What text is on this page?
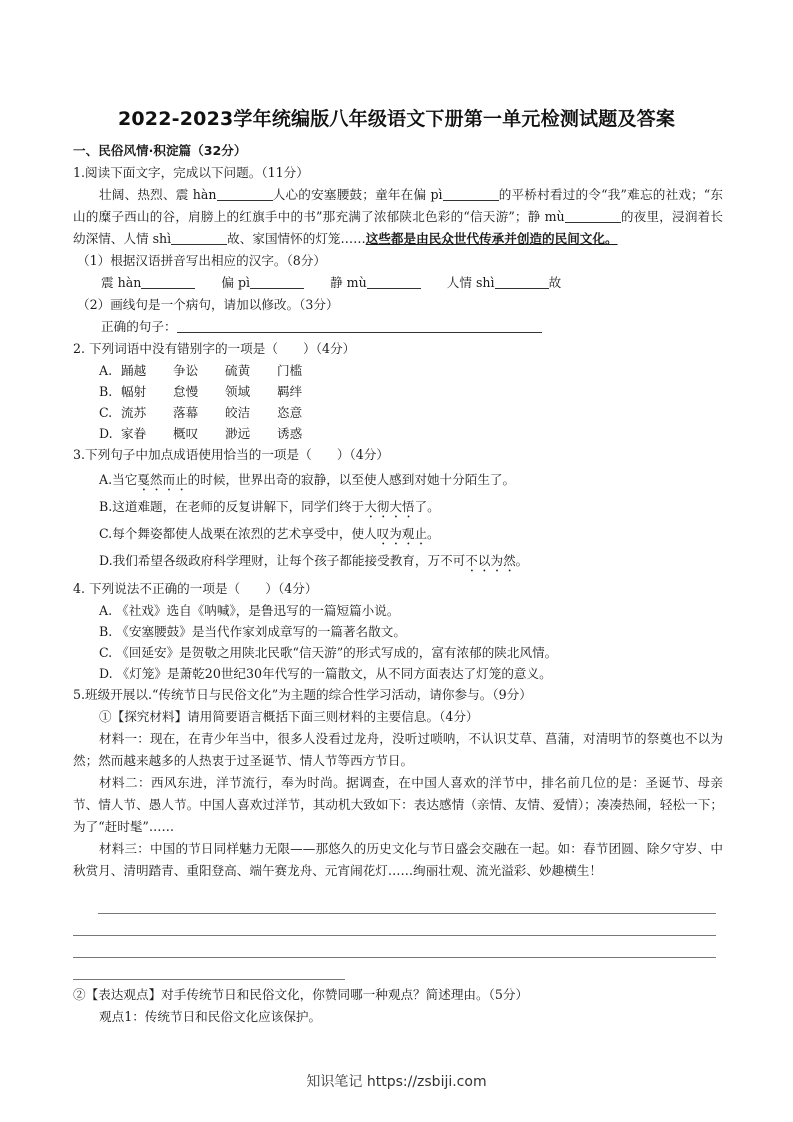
2022-2023学年统编版八年级语文下册第一单元检测试题及答案
一、民俗风情·积淀篇（32分）
1.阅读下面文字，完成以下问题。（11分）
壮阔、热烈、震 hàn	人心的安塞腰鼓；童年在偏 pì	的平桥村看过的令“我”难忘的社戏；“东山的糜子西山的谷，肩膀上的红旗手中的书”那充满了浓郁陕北色彩的“信天游”；静 mù	的夜里，浸润着长幼深情、人情 shì	故、家国情怀的灯笼……这些都是由民众世代传承并创造的民间文化。
（1）根据汉语拼音写出相应的汉字。（8分）
震 hàn	偏 pì	静 mù	人情 shì	故
（2）画线句是一个病句，请加以修改。（3分）
正确的句子：
2. 下列词语中没有错别字的一项是（　　）（4分）
A. 踊越 争讼 硫黄 门槛
B. 幅射 怠慢 领域 羁绊
C. 流苏 落幕 皎洁 恣意
D. 家眷 概叹 渺远 诱惑
3.下列句子中加点成语使用恰当的一项是（　　）（4分）
A.当它戛然而止的时候，世界出奇的寂静，以至使人感到对她十分陌生了。
B.这道难题，在老师的反复讲解下，同学们终于大彻大悟了。
C.每个舞姿都使人战栗在浓烈的艺术享受中，使人叹为观止。
D.我们希望各级政府科学理财，让每个孩子都能接受教育，万不可不以为然。
4. 下列说法不正确的一项是（　　）（4分）
A. 《社戏》选自《呐喊》，是鲁迅写的一篇短篇小说。
B. 《安塞腰鼓》是当代作家刘成章写的一篇著名散文。
C. 《回延安》是贺敬之用陕北民歌“信天游”的形式写成的，富有浓郁的陕北风情。
D. 《灯笼》是萧乾20世纪30年代写的一篇散文，从不同方面表达了灯笼的意义。
5.班级开展以.“传统节日与民俗文化”为主题的综合性学习活动，请你参与。（9分）
①【探究材料】请用简要语言概括下面三则材料的主要信息。（4分）

材料一：现在，在青少年当中，很多人没看过龙舟，没听过唢呐，不认识艾草、菖蒲，对清明节的祭奠也不以为然；然而越来越多的人热衷于过圣诞节、情人节等西方节日。

材料二：西风东进，洋节流行，奉为时尚。据调查，在中国人喜欢的洋节中，排名前几位的是：圣诞节、母亲节、情人节、愚人节。中国人喜欢过洋节，其动机大致如下：表达感情（亲情、友情、爱情）；凑凑热闹，轻松一下；为了“赶时髦”……

材料三：中国的节日同样魅力无限——那悠久的历史文化与节日盛会交融在一起。如：春节团圆、除夕守岁、中秋赏月、清明踏青、重阳登高、端午赛龙舟、元宵闹花灯……绚丽壮观、流光溢彩、妙趣横生！

②【表达观点】对手传统节日和民俗文化，你赞同哪一种观点？简述理由。（5分）
观点1：传统节日和民俗文化应该保护。
知识笔记 https://zsbiji.com
